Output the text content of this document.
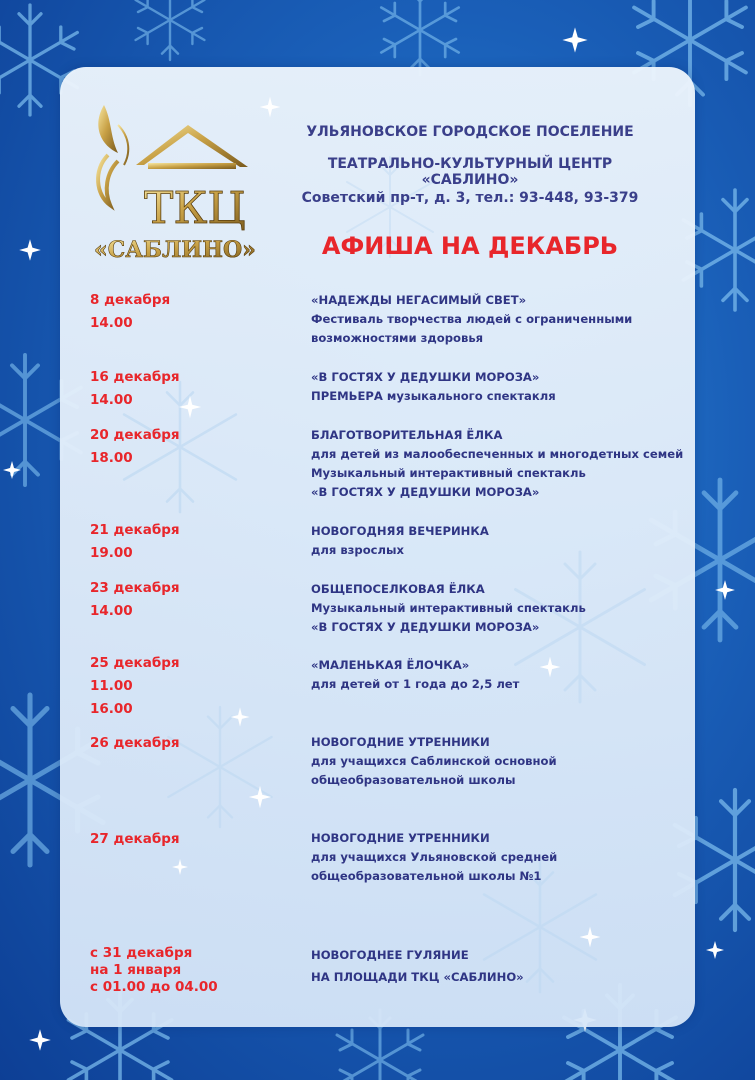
ТКЦ
«САБЛИНО»
УЛЬЯНОВСКОЕ ГОРОДСКОЕ ПОСЕЛЕНИЕ
ТЕАТРАЛЬНО-КУЛЬТУРНЫЙ ЦЕНТР «САБЛИНО»
Советский пр-т, д. 3, тел.: 93-448, 93-379
АФИША НА ДЕКАБРЬ
8 декабря
14.00
16 декабря
14.00
20 декабря
18.00
21 декабря
19.00
23 декабря
14.00
25 декабря
11.00
16.00
26 декабря
27 декабря
с 31 декабря
на 1 января
с 01.00 до 04.00
«НАДЕЖДЫ НЕГАСИМЫЙ СВЕТ»
Фестиваль творчества людей с ограниченными
возможностями здоровья
«В ГОСТЯХ У ДЕДУШКИ МОРОЗА»
ПРЕМЬЕРА музыкального спектакля
БЛАГОТВОРИТЕЛЬНАЯ ЁЛКА
для детей из малообеспеченных и многодетных семей
Музыкальный интерактивный спектакль
«В ГОСТЯХ У ДЕДУШКИ МОРОЗА»
НОВОГОДНЯЯ ВЕЧЕРИНКА
для взрослых
ОБЩЕПОСЕЛКОВАЯ ЁЛКА
Музыкальный интерактивный спектакль
«В ГОСТЯХ У ДЕДУШКИ МОРОЗА»
«МАЛЕНЬКАЯ ЁЛОЧКА»
для детей от 1 года до 2,5 лет
НОВОГОДНИЕ УТРЕННИКИ
для учащихся Саблинской основной
общеобразовательной школы
НОВОГОДНИЕ УТРЕННИКИ
для учащихся Ульяновской средней
общеобразовательной школы №1
НОВОГОДНЕЕ ГУЛЯНИЕ
НА ПЛОЩАДИ ТКЦ «САБЛИНО»
